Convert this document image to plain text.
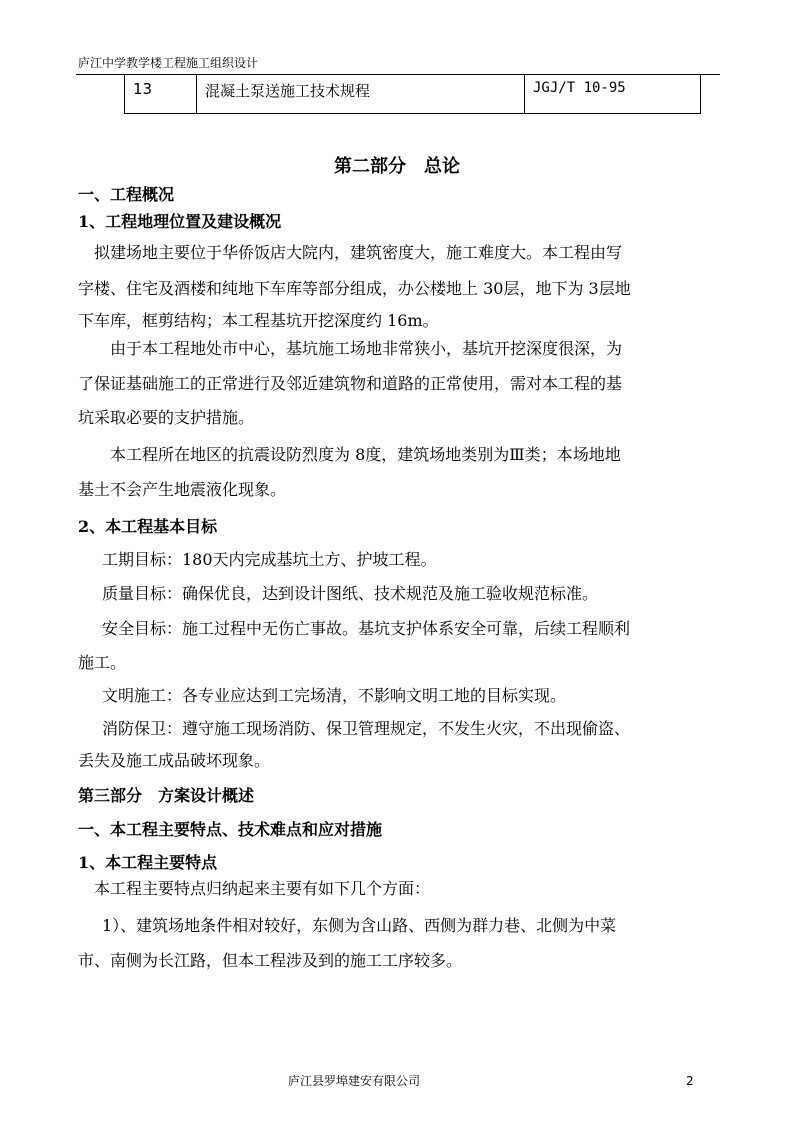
庐江中学教学楼工程施工组织设计
13	混凝土泵送施工技术规程	JGJ/T 10-95
第二部分　总论
一、工程概况
1、工程地理位置及建设概况
拟建场地主要位于华侨饭店大院内，建筑密度大，施工难度大。本工程由写
字楼、住宅及酒楼和纯地下车库等部分组成，办公楼地上 30层，地下为 3层地
下车库，框剪结构；本工程基坑开挖深度约 16m。
由于本工程地处市中心，基坑施工场地非常狭小，基坑开挖深度很深，为
了保证基础施工的正常进行及邻近建筑物和道路的正常使用，需对本工程的基
坑采取必要的支护措施。
本工程所在地区的抗震设防烈度为 8度，建筑场地类别为Ⅲ类；本场地地
基土不会产生地震液化现象。
2、本工程基本目标
工期目标：180天内完成基坑土方、护坡工程。
质量目标：确保优良，达到设计图纸、技术规范及施工验收规范标准。
安全目标：施工过程中无伤亡事故。基坑支护体系安全可靠，后续工程顺利
施工。
文明施工：各专业应达到工完场清，不影响文明工地的目标实现。
消防保卫：遵守施工现场消防、保卫管理规定，不发生火灾，不出现偷盗、
丢失及施工成品破坏现象。
第三部分　方案设计概述
一、本工程主要特点、技术难点和应对措施
1、本工程主要特点
本工程主要特点归纳起来主要有如下几个方面：
1）、建筑场地条件相对较好，东侧为含山路、西侧为群力巷、北侧为中菜
市、南侧为长江路，但本工程涉及到的施工工序较多。
庐江县罗埠建安有限公司	2
